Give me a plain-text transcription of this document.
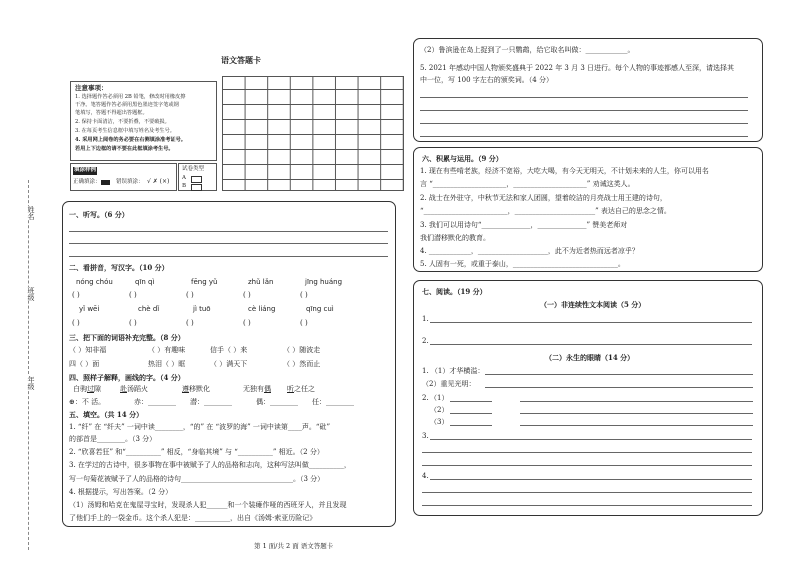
姓名
班级
年级
语文答题卡
注意事项：
1. 选择题作答必须用 2B 铅笔，修改时用橡皮擦
干净。笔答题作答必须用黑色墨迹签字笔或钢
笔填写，答题不得超出答题框。
2. 保持卡面清洁，不要折叠，不要破损。
3. 在每页考生信息框中填写姓名及考生号。
4. 采用网上阅卷的务必要在右侧填涂准考证号。
若用上下边框的请不要在此框填涂考生号。
填涂样例
正确填涂：	错误填涂： √ ✗ (×)
试卷类型
A
B
一、听写。（6 分）
二、看拼音，写汉字。（10 分）
nóng chóu	qīn qì	fēng yǔ	zhǔ lǎn	jīng huáng
( )	( )	( )	( )	( )
yǐ wēi	chè dǐ	jì tuō	cè liáng	qīng cuì
( )	( )	( )	( )	( )
三、把下面的词语补充完整。（8 分）
（ ）知非福	（ ）有趣味	信手（ ）来	（ ）随波走
四（ ）面	热泪（ ）眶	（ ）满天下	（ ）然而止
四、照样子解释，画线的字。（4 分）
白驹过隙	赴汤蹈火	遵移默化	无独有偶 听之任之
⊕：不 活。	赤：________ 潜：________	偶：________ 任：________
五、填空。（共 14 分）
1. “纤” 在 “纤夫” 一词中读________，“的” 在 “波罗的海” 一词中读第____声。“砒”
的部首是________。（3 分）
2. “欣喜若狂” 和“__________” 相反，“身临其境” 与 “__________” 相近。（2 分）
3. 在学过的古诗中，很多事物在事中被赋予了人的品格和志向，这种写法叫做__________，
写一句菊花被赋予了人的品格的诗句________________________________。（3 分）
4. 根据提示，写出答案。（2 分）
（1）汤姆和哈克在鬼屋寻宝时，发现杀人犯______和一个装瘫作哑的西班牙人，并且发现
了他们手上的一袋金币。这个杀人犯是：__________，出自《汤姆·索亚历险记》
第 1 面/共 2 面 语文答题卡
（2）鲁滨逊在岛上捉到了一只鹦鹉，给它取名叫做：____________。
5. 2021 年感动中国人物颁奖盛典于 2022 年 3 月 3 日进行。每个人物的事迹都感人至深，请选择其
中一位，写 100 字左右的颁奖词。（4 分）
六、积累与运用。（9 分）
1. 现在有些啃老族，经济不宽裕，大吃大喝，有今天无明天，不计划未来的人生，你可以用名
言 “_____________________，_____________________” 劝诫这类人。
2. 战士在外驻守，中秋节无法和家人团圆，望着皎洁的月亮战士用王建的诗句，
“________________________，_______________________” 表达自己的思念之情。
3. 我们可以用诗句“______________，______________” 赞美老师对
我们潜移默化的教育。
4. ____________，____________________，此不为近者热而远者凉乎？
5. 人固有一死，或重于泰山，______________________________。
七、阅读。（19 分）
（一）非连续性文本阅读（5 分）
1.
2.
（二）永生的眼睛（14 分）
1. （1）才华横溢：
（2）重见光明：
2. （1）
（2）
（3）
3.
4.
